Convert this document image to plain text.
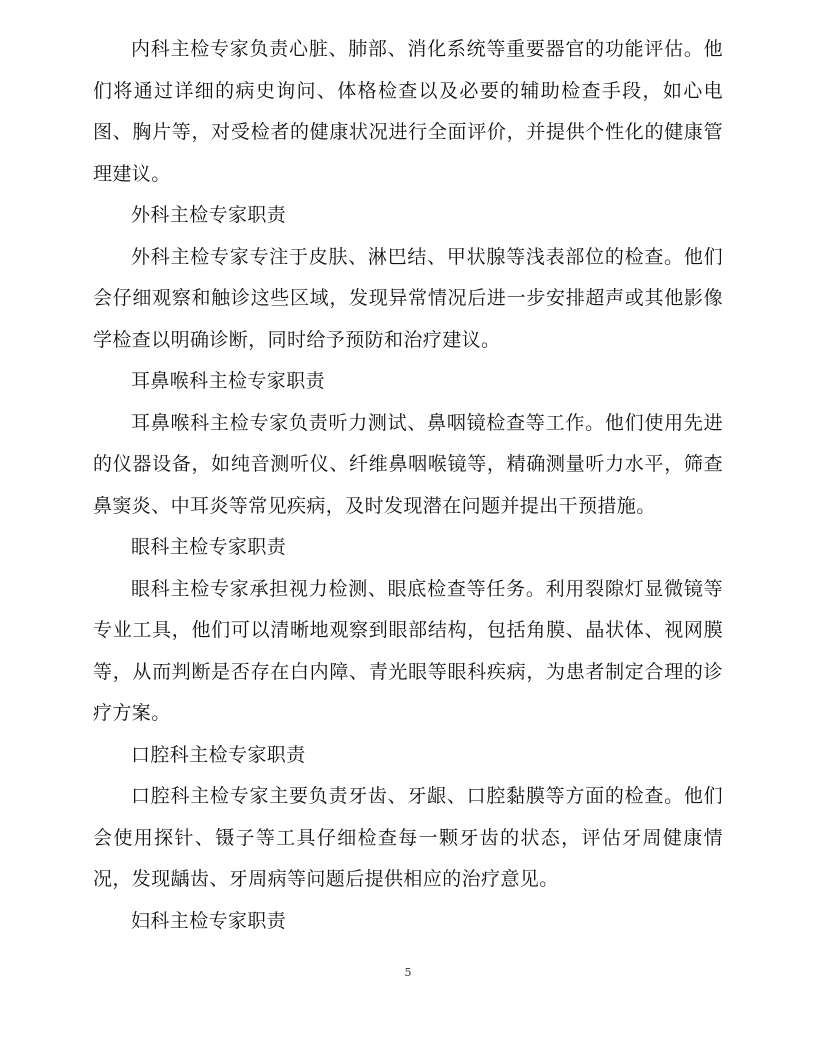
内科主检专家负责心脏、肺部、消化系统等重要器官的功能评估。他们将通过详细的病史询问、体格检查以及必要的辅助检查手段，如心电图、胸片等，对受检者的健康状况进行全面评价，并提供个性化的健康管理建议。

外科主检专家职责

外科主检专家专注于皮肤、淋巴结、甲状腺等浅表部位的检查。他们会仔细观察和触诊这些区域，发现异常情况后进一步安排超声或其他影像学检查以明确诊断，同时给予预防和治疗建议。

耳鼻喉科主检专家职责

耳鼻喉科主检专家负责听力测试、鼻咽镜检查等工作。他们使用先进的仪器设备，如纯音测听仪、纤维鼻咽喉镜等，精确测量听力水平，筛查鼻窦炎、中耳炎等常见疾病，及时发现潜在问题并提出干预措施。

眼科主检专家职责

眼科主检专家承担视力检测、眼底检查等任务。利用裂隙灯显微镜等专业工具，他们可以清晰地观察到眼部结构，包括角膜、晶状体、视网膜等，从而判断是否存在白内障、青光眼等眼科疾病，为患者制定合理的诊疗方案。

口腔科主检专家职责

口腔科主检专家主要负责牙齿、牙龈、口腔黏膜等方面的检查。他们会使用探针、镊子等工具仔细检查每一颗牙齿的状态，评估牙周健康情况，发现龋齿、牙周病等问题后提供相应的治疗意见。

妇科主检专家职责

5
